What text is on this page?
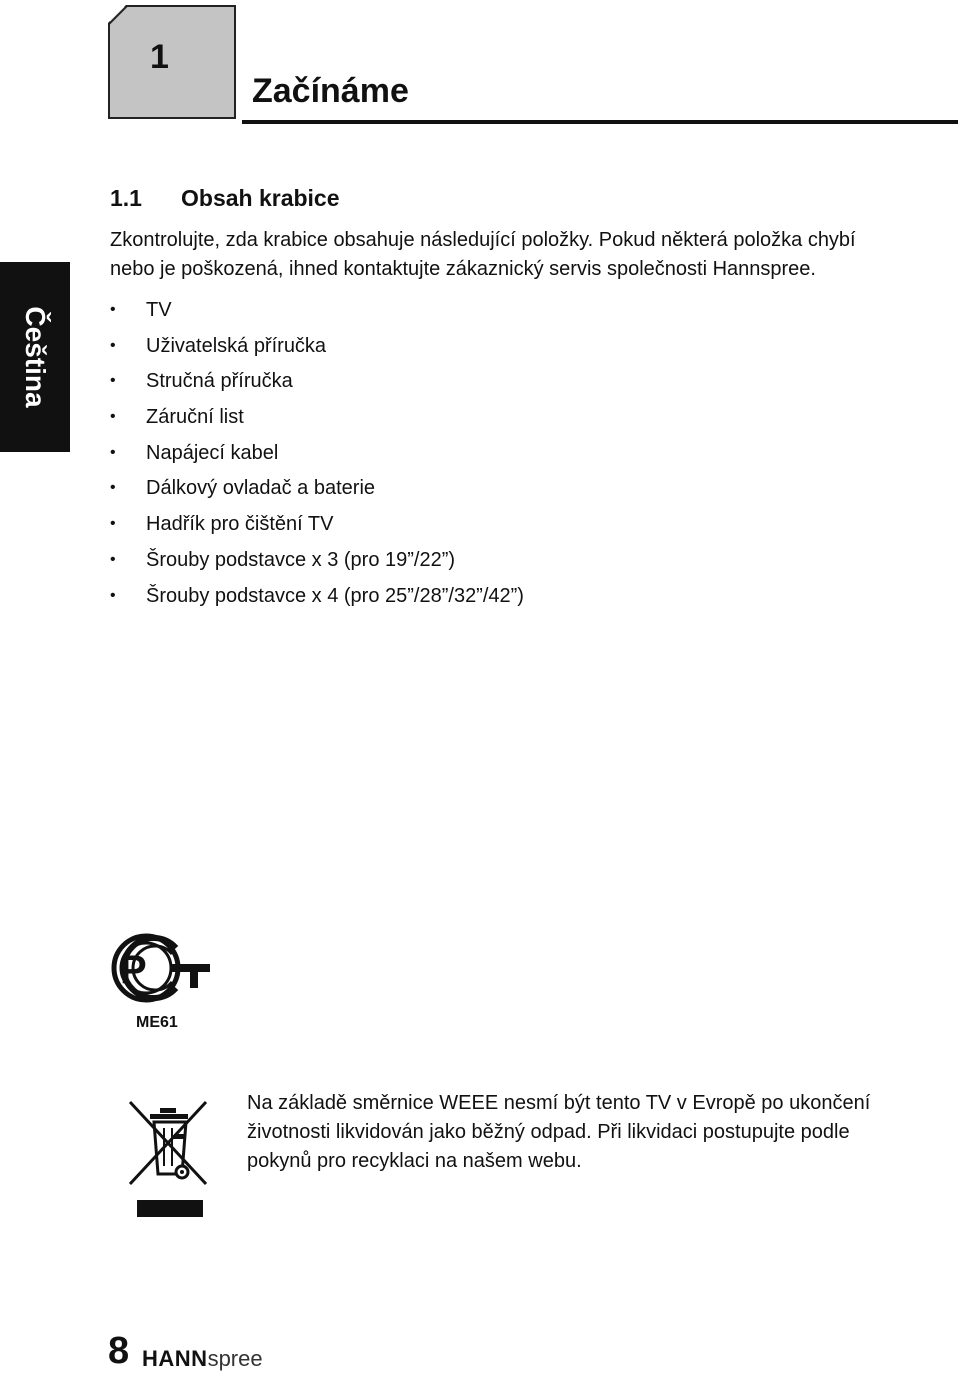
1
Začínáme
Čeština
1.1 Obsah krabice
Zkontrolujte, zda krabice obsahuje následující položky. Pokud některá položka chybí
nebo je poškozená, ihned kontaktujte zákaznický servis společnosti Hannspree.
•	TV
•	Uživatelská příručka
•	Stručná příručka
•	Záruční list
•	Napájecí kabel
•	Dálkový ovladač a baterie
•	Hadřík pro čištění TV
•	Šrouby podstavce x 3 (pro 19”/22”)
•	Šrouby podstavce x 4 (pro 25”/28”/32”/42”)
P
ME61
Na základě směrnice WEEE nesmí být tento TV v Evropě po ukončení
životnosti likvidován jako běžný odpad. Při likvidaci postupujte podle
pokynů pro recyklaci na našem webu.
8 HANNspree
